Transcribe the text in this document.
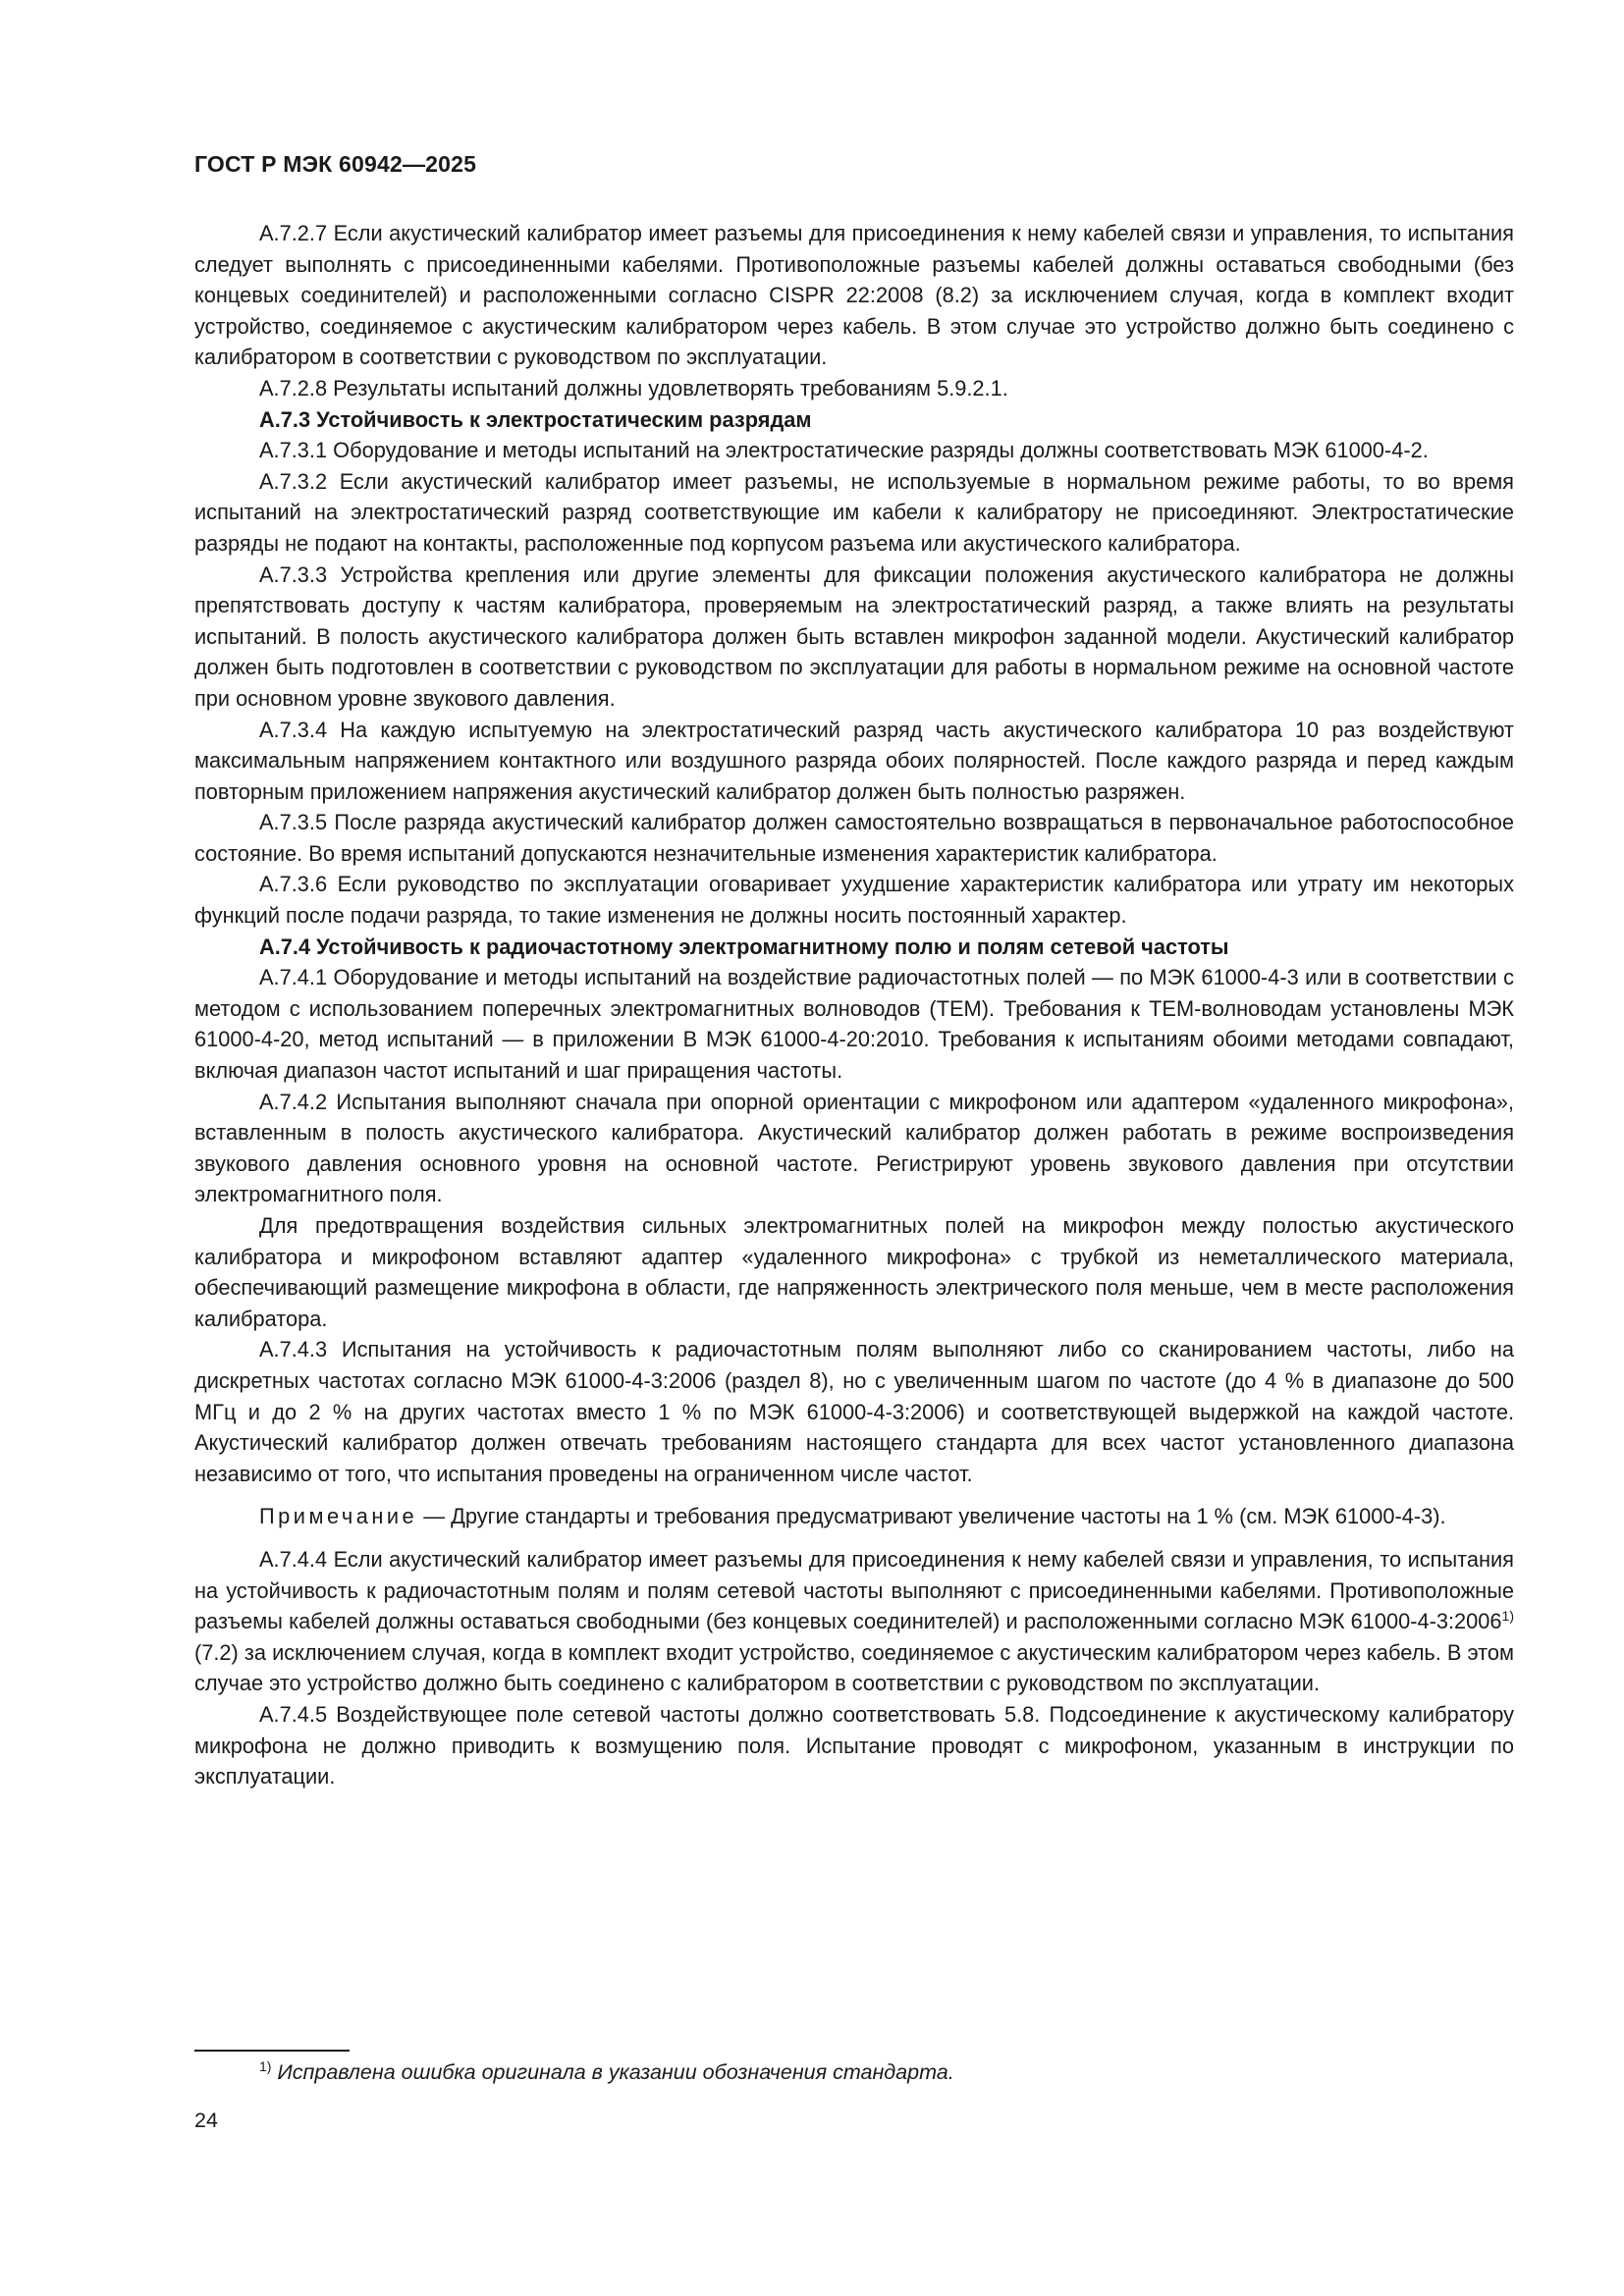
ГОСТ Р МЭК 60942—2025

А.7.2.7 Если акустический калибратор имеет разъемы для присоединения к нему кабелей связи и управления, то испытания следует выполнять с присоединенными кабелями. Противоположные разъемы кабелей должны оставаться свободными (без концевых соединителей) и расположенными согласно CISPR 22:2008 (8.2) за исключением случая, когда в комплект входит устройство, соединяемое с акустическим калибратором через кабель. В этом случае это устройство должно быть соединено с калибратором в соответствии с руководством по эксплуатации.

А.7.2.8 Результаты испытаний должны удовлетворять требованиям 5.9.2.1.

А.7.3 Устойчивость к электростатическим разрядам

А.7.3.1 Оборудование и методы испытаний на электростатические разряды должны соответствовать МЭК 61000-4-2.

А.7.3.2 Если акустический калибратор имеет разъемы, не используемые в нормальном режиме работы, то во время испытаний на электростатический разряд соответствующие им кабели к калибратору не присоединяют. Электростатические разряды не подают на контакты, расположенные под корпусом разъема или акустического калибратора.

А.7.3.3 Устройства крепления или другие элементы для фиксации положения акустического калибратора не должны препятствовать доступу к частям калибратора, проверяемым на электростатический разряд, а также влиять на результаты испытаний. В полость акустического калибратора должен быть вставлен микрофон заданной модели. Акустический калибратор должен быть подготовлен в соответствии с руководством по эксплуатации для работы в нормальном режиме на основной частоте при основном уровне звукового давления.

А.7.3.4 На каждую испытуемую на электростатический разряд часть акустического калибратора 10 раз воздействуют максимальным напряжением контактного или воздушного разряда обоих полярностей. После каждого разряда и перед каждым повторным приложением напряжения акустический калибратор должен быть полностью разряжен.

А.7.3.5 После разряда акустический калибратор должен самостоятельно возвращаться в первоначальное работоспособное состояние. Во время испытаний допускаются незначительные изменения характеристик калибратора.

А.7.3.6 Если руководство по эксплуатации оговаривает ухудшение характеристик калибратора или утрату им некоторых функций после подачи разряда, то такие изменения не должны носить постоянный характер.

А.7.4 Устойчивость к радиочастотному электромагнитному полю и полям сетевой частоты

А.7.4.1 Оборудование и методы испытаний на воздействие радиочастотных полей — по МЭК 61000-4-3 или в соответствии с методом с использованием поперечных электромагнитных волноводов (ТЕМ). Требования к ТЕМ-волноводам установлены МЭК 61000-4-20, метод испытаний — в приложении В МЭК 61000-4-20:2010. Требования к испытаниям обоими методами совпадают, включая диапазон частот испытаний и шаг приращения частоты.

А.7.4.2 Испытания выполняют сначала при опорной ориентации с микрофоном или адаптером «удаленного микрофона», вставленным в полость акустического калибратора. Акустический калибратор должен работать в режиме воспроизведения звукового давления основного уровня на основной частоте. Регистрируют уровень звукового давления при отсутствии электромагнитного поля.

Для предотвращения воздействия сильных электромагнитных полей на микрофон между полостью акустического калибратора и микрофоном вставляют адаптер «удаленного микрофона» с трубкой из неметаллического материала, обеспечивающий размещение микрофона в области, где напряженность электрического поля меньше, чем в месте расположения калибратора.

А.7.4.3 Испытания на устойчивость к радиочастотным полям выполняют либо со сканированием частоты, либо на дискретных частотах согласно МЭК 61000-4-3:2006 (раздел 8), но с увеличенным шагом по частоте (до 4 % в диапазоне до 500 МГц и до 2 % на других частотах вместо 1 % по МЭК 61000-4-3:2006) и соответствующей выдержкой на каждой частоте. Акустический калибратор должен отвечать требованиям настоящего стандарта для всех частот установленного диапазона независимо от того, что испытания проведены на ограниченном числе частот.

Примечание — Другие стандарты и требования предусматривают увеличение частоты на 1 % (см. МЭК 61000-4-3).

А.7.4.4 Если акустический калибратор имеет разъемы для присоединения к нему кабелей связи и управления, то испытания на устойчивость к радиочастотным полям и полям сетевой частоты выполняют с присоединенными кабелями. Противоположные разъемы кабелей должны оставаться свободными (без концевых соединителей) и расположенными согласно МЭК 61000-4-3:2006$^{1)}$ (7.2) за исключением случая, когда в комплект входит устройство, соединяемое с акустическим калибратором через кабель. В этом случае это устройство должно быть соединено с калибратором в соответствии с руководством по эксплуатации.

А.7.4.5 Воздействующее поле сетевой частоты должно соответствовать 5.8. Подсоединение к акустическому калибратору микрофона не должно приводить к возмущению поля. Испытание проводят с микрофоном, указанным в инструкции по эксплуатации.

$^{1)}$ Исправлена ошибка оригинала в указании обозначения стандарта.
24
